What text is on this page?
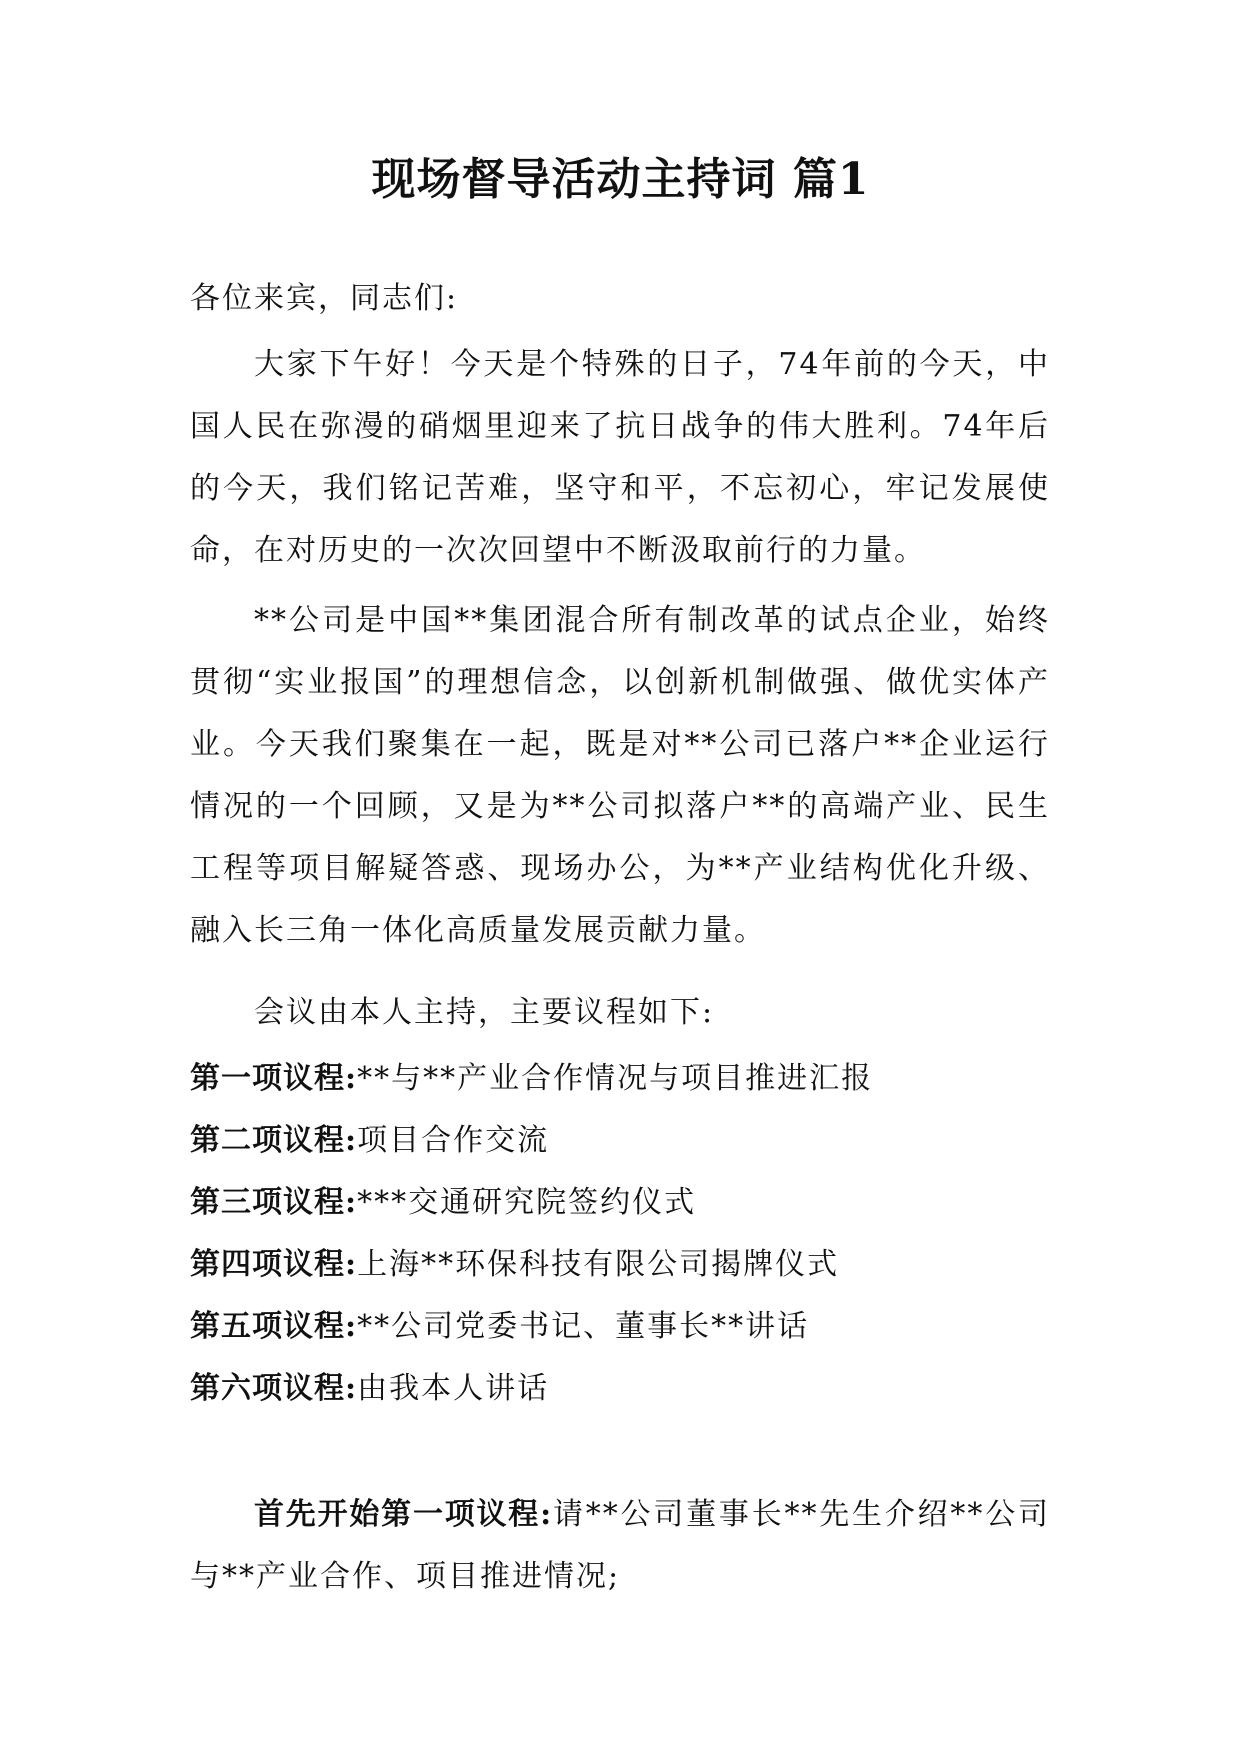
现场督导活动主持词 篇1

各位来宾，同志们:

大家下午好！今天是个特殊的日子，74年前的今天，中国人民在弥漫的硝烟里迎来了抗日战争的伟大胜利。74年后的今天，我们铭记苦难，坚守和平，不忘初心，牢记发展使命，在对历史的一次次回望中不断汲取前行的力量。

**公司是中国**集团混合所有制改革的试点企业，始终贯彻“实业报国”的理想信念，以创新机制做强、做优实体产业。今天我们聚集在一起，既是对**公司已落户**企业运行情况的一个回顾，又是为**公司拟落户**的高端产业、民生工程等项目解疑答惑、现场办公，为**产业结构优化升级、融入长三角一体化高质量发展贡献力量。

会议由本人主持，主要议程如下:

第一项议程:**与**产业合作情况与项目推进汇报
第二项议程:项目合作交流
第三项议程:***交通研究院签约仪式
第四项议程:上海**环保科技有限公司揭牌仪式
第五项议程:**公司党委书记、董事长**讲话
第六项议程:由我本人讲话

首先开始第一项议程:请**公司董事长**先生介绍**公司与**产业合作、项目推进情况;
